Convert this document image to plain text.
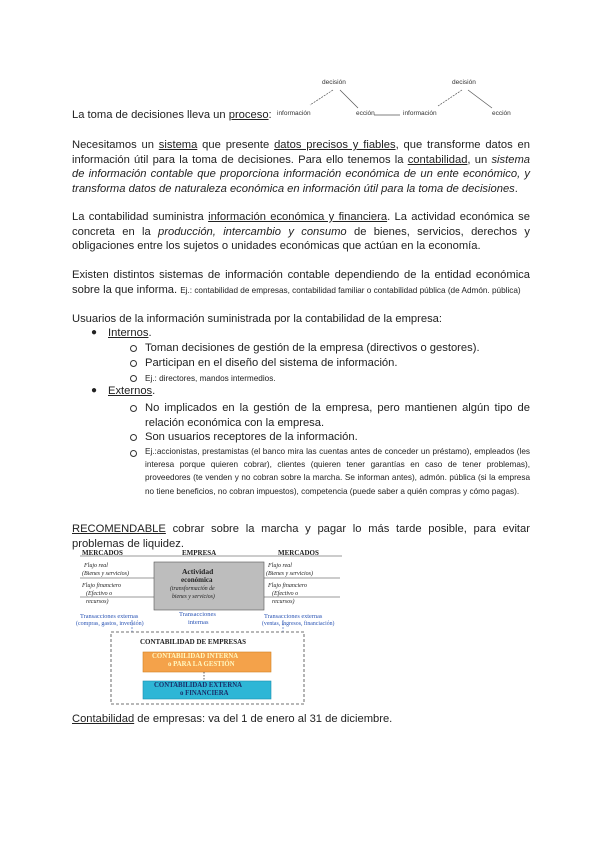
La toma de decisiones lleva un proceso:
decisión	decisión
información	ección	información	ección
Necesitamos un sistema que presente datos precisos y fiables, que transforme datos en información útil para la toma de decisiones. Para ello tenemos la contabilidad, un sistema de información contable que proporciona información económica de un ente económico, y transforma datos de naturaleza económica en información útil para la toma de decisiones.
La contabilidad suministra información económica y financiera. La actividad económica se concreta en la producción, intercambio y consumo de bienes, servicios, derechos y obligaciones entre los sujetos o unidades económicas que actúan en la economía.
Existen distintos sistemas de información contable dependiendo de la entidad económica sobre la que informa. Ej.: contabilidad de empresas, contabilidad familiar o contabilidad pública (de Admón. pública)
Usuarios de la información suministrada por la contabilidad de la empresa:
● Internos.
Toman decisiones de gestión de la empresa (directivos o gestores).
Participan en el diseño del sistema de información.
Ej.: directores, mandos intermedios.
● Externos.
No implicados en la gestión de la empresa, pero mantienen algún tipo de relación económica con la empresa.
Son usuarios receptores de la información.
Ej.:accionistas, prestamistas (el banco mira las cuentas antes de conceder un préstamo), empleados (les interesa porque quieren cobrar), clientes (quieren tener garantías en caso de tener problemas), proveedores (te venden y no cobran sobre la marcha. Se informan antes), admón. pública (si la empresa no tiene beneficios, no cobran impuestos), competencia (puede saber a quién compras y cómo pagas).
RECOMENDABLE cobrar sobre la marcha y pagar lo más tarde posible, para evitar problemas de liquidez.
MERCADOS	EMPRESA	MERCADOS
Flujo real
(Bienes y servicios)
Flujo financiero
(Efectivo o
recursos)
Flujo real
(Bienes y servicios)
Flujo financiero
(Efectivo o
recursos)
Actividad
económica
(transformación de
bienes y servicios)
Transacciones
internas
Transacciones externas
(compras, gastos, inversión)
Transacciones externas
(ventas, ingresos, financiación)
CONTABILIDAD DE EMPRESAS
CONTABILIDAD INTERNA
o PARA LA GESTIÓN
CONTABILIDAD EXTERNA
o FINANCIERA
Contabilidad de empresas: va del 1 de enero al 31 de diciembre.
